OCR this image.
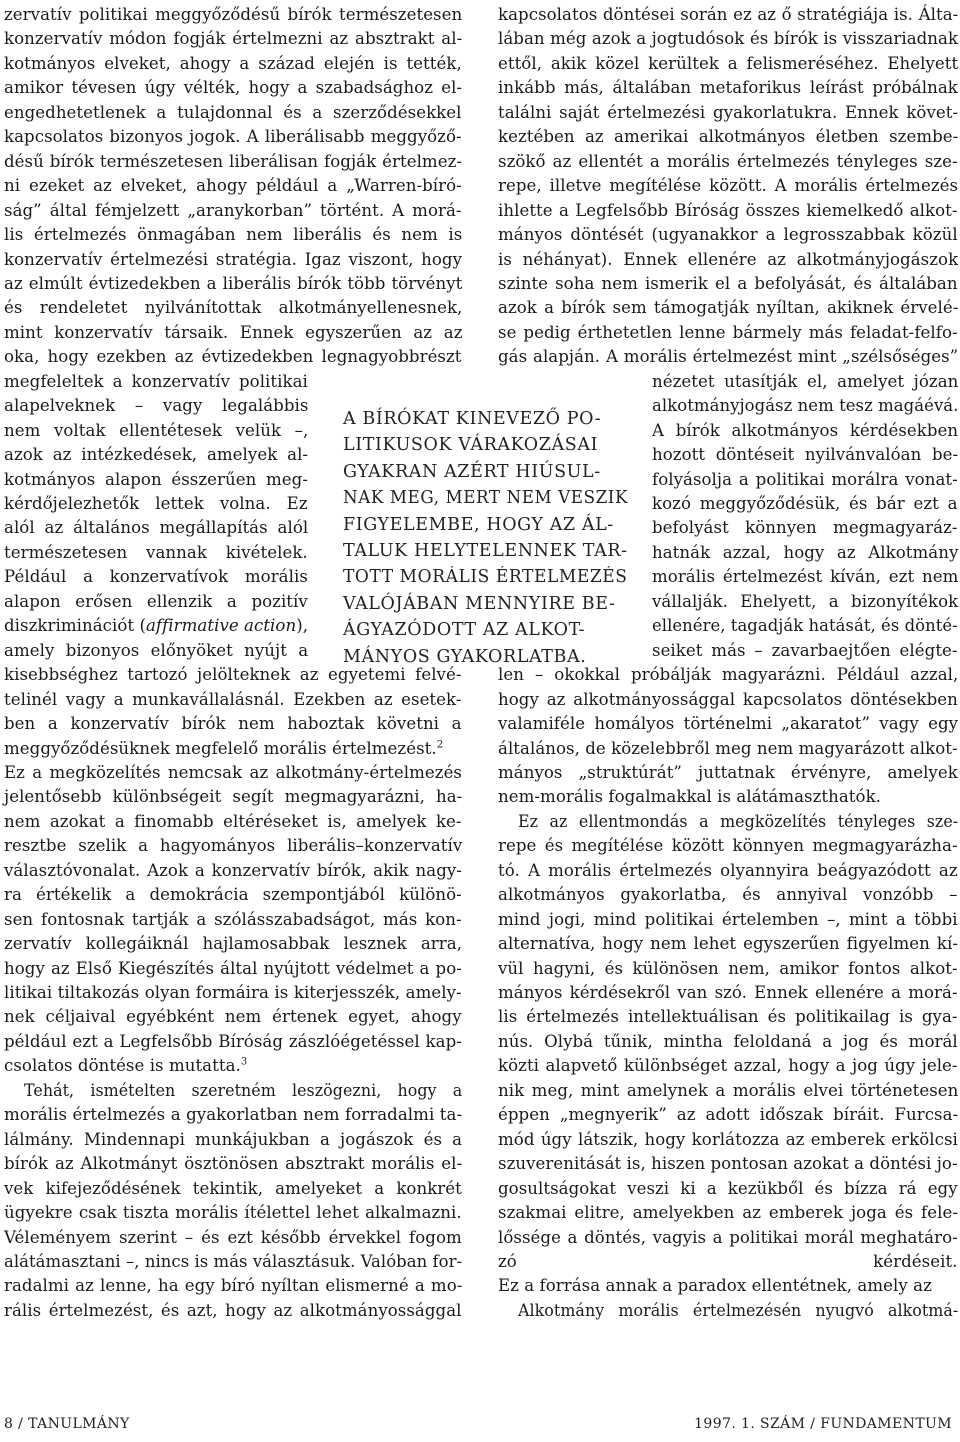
zervatív politikai meggyőződésű bírók természetesen
konzervatív módon fogják értelmezni az absztrakt al-
kotmányos elveket, ahogy a század elején is tették,
amikor tévesen úgy vélték, hogy a szabadsághoz el-
engedhetetlenek a tulajdonnal és a szerződésekkel
kapcsolatos bizonyos jogok. A liberálisabb meggyőző-
désű bírók természetesen liberálisan fogják értelmez-
ni ezeket az elveket, ahogy például a „Warren-bíró-
ság” által fémjelzett „aranykorban” történt. A morá-
lis értelmezés önmagában nem liberális és nem is
konzervatív értelmezési stratégia. Igaz viszont, hogy
az elmúlt évtizedekben a liberális bírók több törvényt
és rendeletet nyilvánítottak alkotmányellenesnek,
mint konzervatív társaik. Ennek egyszerűen az az
oka, hogy ezekben az évtizedekben legnagyobbrészt
megfeleltek a konzervatív politikai
alapelveknek – vagy legalábbis
nem voltak ellentétesek velük –,
azok az intézkedések, amelyek al-
kotmányos alapon ésszerűen meg-
kérdőjelezhetők lettek volna. Ez
alól az általános megállapítás alól
természetesen vannak kivételek.
Például a konzervatívok morális
alapon erősen ellenzik a pozitív
diszkriminációt (affirmative action),
amely bizonyos előnyöket nyújt a
kisebbséghez tartozó jelölteknek az egyetemi felvé-
telinél vagy a munkavállalásnál. Ezekben az esetek-
ben a konzervatív bírók nem haboztak követni a
meggyőződésüknek megfelelő morális értelmezést.$^2$
Ez a megközelítés nemcsak az alkotmány-értelmezés
jelentősebb különbségeit segít megmagyarázni, ha-
nem azokat a finomabb eltéréseket is, amelyek ke-
resztbe szelik a hagyományos liberális–konzervatív
választóvonalat. Azok a konzervatív bírók, akik nagy-
ra értékelik a demokrácia szempontjából különö-
sen fontosnak tartják a szólásszabadságot, más kon-
zervatív kollegáiknál hajlamosabbak lesznek arra,
hogy az Első Kiegészítés által nyújtott védelmet a po-
litikai tiltakozás olyan formáira is kiterjesszék, amely-
nek céljaival egyébként nem értenek egyet, ahogy
például ezt a Legfelsőbb Bíróság zászlóégetéssel kap-
csolatos döntése is mutatta.$^3$
Tehát, ismételten szeretném leszögezni, hogy a
morális értelmezés a gyakorlatban nem forradalmi ta-
lálmány. Mindennapi munkájukban a jogászok és a
bírók az Alkotmányt ösztönösen absztrakt morális el-
vek kifejeződésének tekintik, amelyeket a konkrét
ügyekre csak tiszta morális ítélettel lehet alkalmazni.
Véleményem szerint – és ezt később érvekkel fogom
alátámasztani –, nincs is más választásuk. Valóban for-
radalmi az lenne, ha egy bíró nyíltan elismerné a mo-
rális értelmezést, és azt, hogy az alkotmányossággal
kapcsolatos döntései során ez az ő stratégiája is. Álta-
lában még azok a jogtudósok és bírók is visszariadnak
ettől, akik közel kerültek a felismeréséhez. Ehelyett
inkább más, általában metaforikus leírást próbálnak
találni saját értelmezési gyakorlatukra. Ennek követ-
keztében az amerikai alkotmányos életben szembe-
szökő az ellentét a morális értelmezés tényleges sze-
repe, illetve megítélése között. A morális értelmezés
ihlette a Legfelsőbb Bíróság összes kiemelkedő alkot-
mányos döntését (ugyanakkor a legrosszabbak közül
is néhányat). Ennek ellenére az alkotmányjogászok
szinte soha nem ismerik el a befolyását, és általában
azok a bírók sem támogatják nyíltan, akiknek érvelé-
se pedig érthetetlen lenne bármely más feladat-felfo-
gás alapján. A morális értelmezést mint „szélsőséges”
nézetet utasítják el, amelyet józan
alkotmányjogász nem tesz magáévá.
A bírók alkotmányos kérdésekben
hozott döntéseit nyilvánvalóan be-
folyásolja a politikai morálra vonat-
kozó meggyőződésük, és bár ezt a
befolyást könnyen megmagyaráz-
hatnák azzal, hogy az Alkotmány
morális értelmezést kíván, ezt nem
vállalják. Ehelyett, a bizonyítékok
ellenére, tagadják hatását, és dönté-
seiket más – zavarbaejtően elégte-
len – okokkal próbálják magyarázni. Például azzal,
hogy az alkotmányossággal kapcsolatos döntésekben
valamiféle homályos történelmi „akaratot” vagy egy
általános, de közelebbről meg nem magyarázott alkot-
mányos „struktúrát” juttatnak érvényre, amelyek
nem-morális fogalmakkal is alátámaszthatók.
Ez az ellentmondás a megközelítés tényleges sze-
repe és megítélése között könnyen megmagyarázha-
tó. A morális értelmezés olyannyira beágyazódott az
alkotmányos gyakorlatba, és annyival vonzóbb –
mind jogi, mind politikai értelemben –, mint a többi
alternatíva, hogy nem lehet egyszerűen figyelmen kí-
vül hagyni, és különösen nem, amikor fontos alkot-
mányos kérdésekről van szó. Ennek ellenére a morá-
lis értelmezés intellektuálisan és politikailag is gya-
nús. Olybá tűnik, mintha feloldaná a jog és morál
közti alapvető különbséget azzal, hogy a jog úgy jele-
nik meg, mint amelynek a morális elvei történetesen
éppen „megnyerik” az adott időszak bíráit. Furcsa-
mód úgy látszik, hogy korlátozza az emberek erkölcsi
szuverenitását is, hiszen pontosan azokat a döntési jo-
gosultságokat veszi ki a kezükből és bízza rá egy
szakmai elitre, amelyekben az emberek joga és fele-
lőssége a döntés, vagyis a politikai morál meghatáro-
zó kérdéseit.
Ez a forrása annak a paradox ellentétnek, amely az
Alkotmány morális értelmezésén nyugvó alkotmá-
A BÍRÓKAT KINEVEZŐ PO-
LITIKUSOK VÁRAKOZÁSAI
GYAKRAN AZÉRT HIÚSUL-
NAK MEG, MERT NEM VESZIK
FIGYELEMBE, HOGY AZ ÁL-
TALUK HELYTELENNEK TAR-
TOTT MORÁLIS ÉRTELMEZÉS
VALÓJÁBAN MENNYIRE BE-
ÁGYAZÓDOTT AZ ALKOT-
MÁNYOS GYAKORLATBA.
8 / TANULMÁNY	1997. 1. SZÁM / FUNDAMENTUM
